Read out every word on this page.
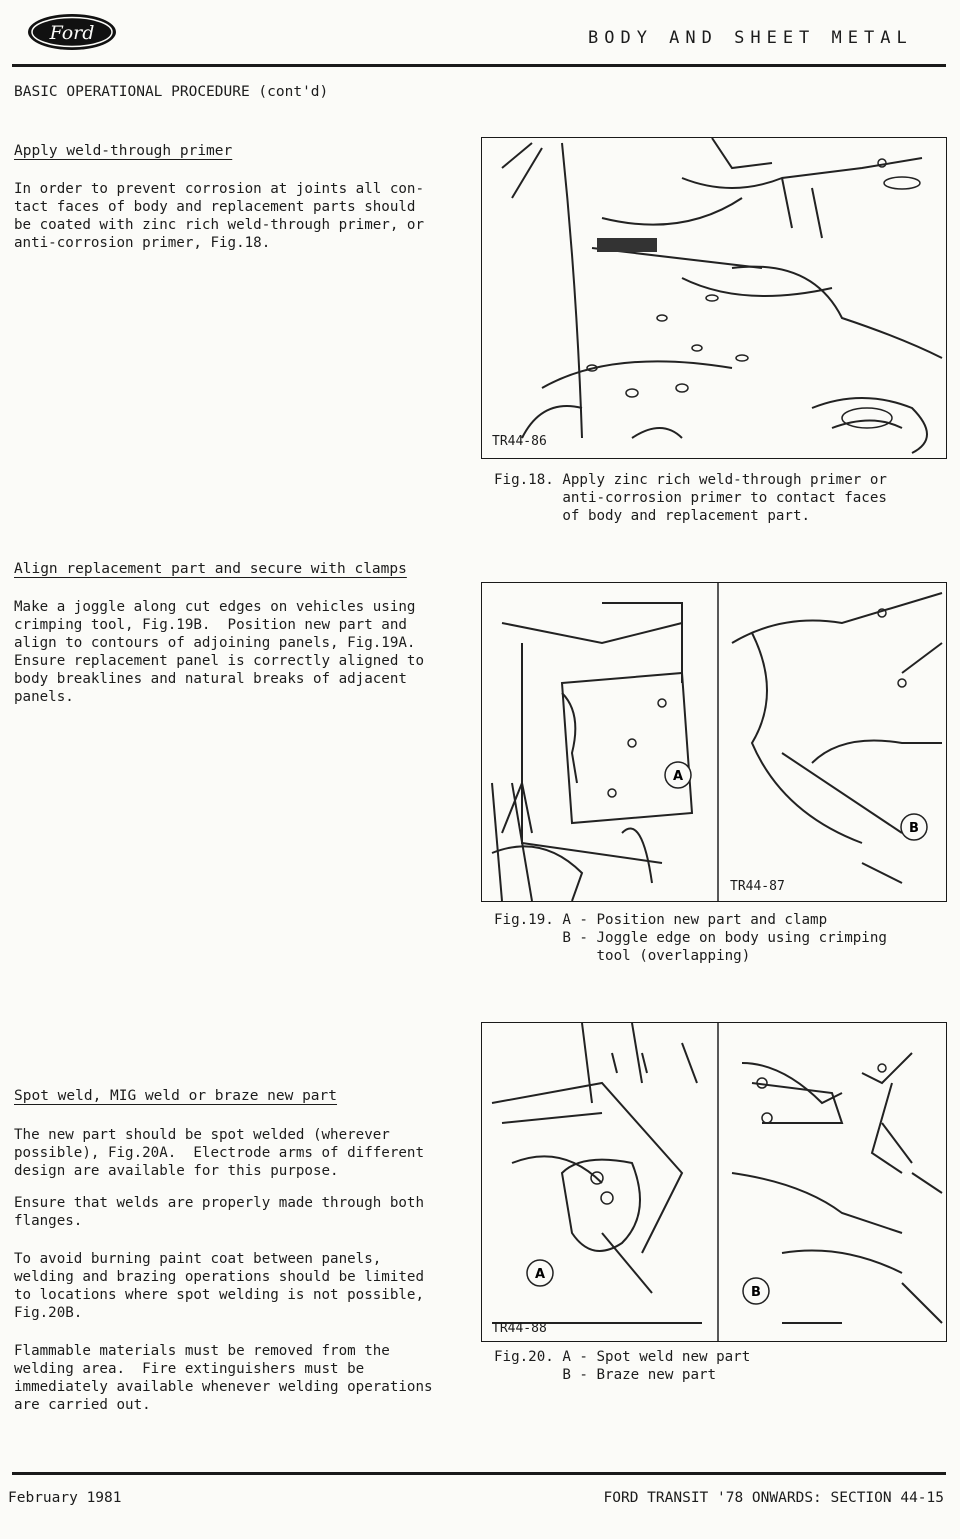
Ford	BODY AND SHEET METAL
BASIC OPERATIONAL PROCEDURE (cont'd)
Apply weld-through primer

In order to prevent corrosion at joints all con-
tact faces of body and replacement parts should
be coated with zinc rich weld-through primer, or
anti-corrosion primer, Fig.18.

TR44-86
Fig.18. Apply zinc rich weld-through primer or
anti-corrosion primer to contact faces
of body and replacement part.
Align replacement part and secure with clamps

Make a joggle along cut edges on vehicles using
crimping tool, Fig.19B.  Position new part and
align to contours of adjoining panels, Fig.19A.
Ensure replacement panel is correctly aligned to
body breaklines and natural breaks of adjacent
panels.

A
B
TR44-87
Fig.19. A - Position new part and clamp
B - Joggle edge on body using crimping
tool (overlapping)
Spot weld, MIG weld or braze new part

The new part should be spot welded (wherever
possible), Fig.20A.  Electrode arms of different
design are available for this purpose.

Ensure that welds are properly made through both
flanges.

To avoid burning paint coat between panels,
welding and brazing operations should be limited
to locations where spot welding is not possible,
Fig.20B.

Flammable materials must be removed from the
welding area.  Fire extinguishers must be
immediately available whenever welding operations
are carried out.

A
B
TR44-88
Fig.20. A - Spot weld new part
B - Braze new part
February 1981	FORD TRANSIT '78 ONWARDS: SECTION 44-15
